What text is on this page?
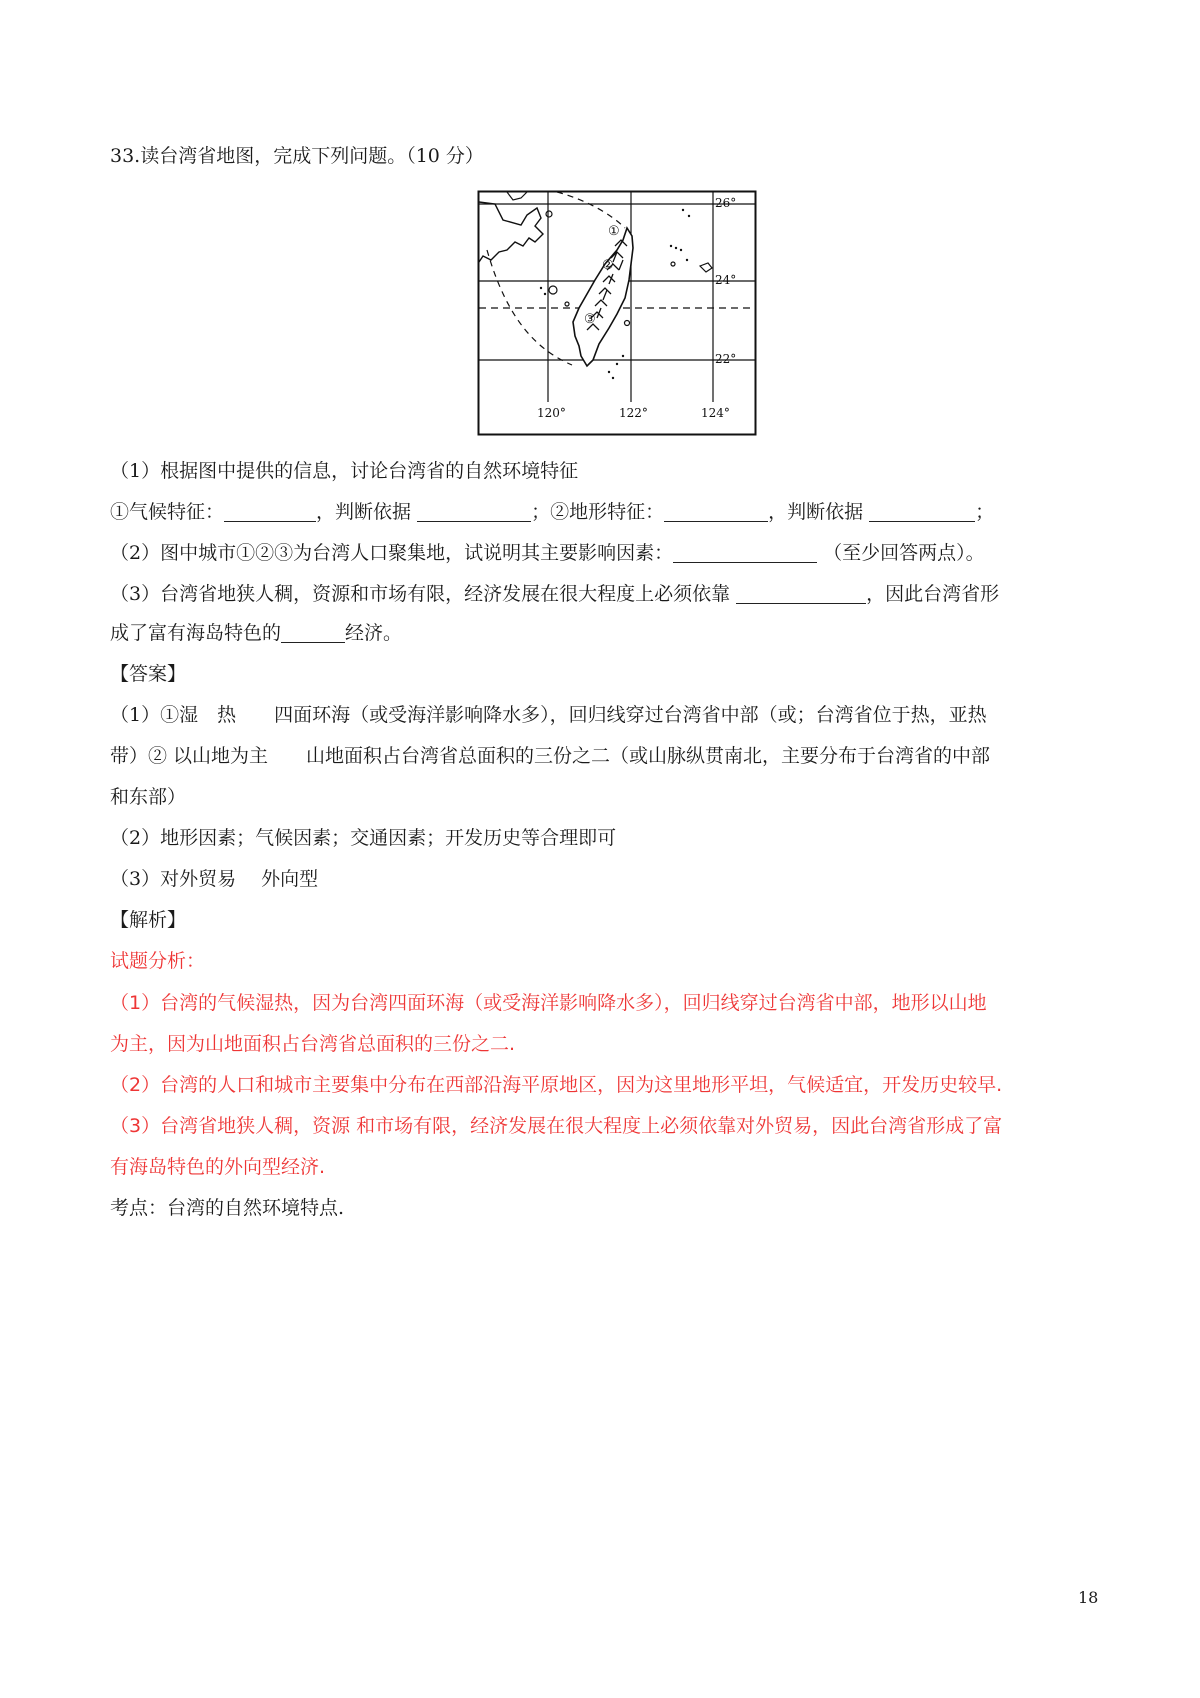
33.读台湾省地图，完成下列问题。（10 分）
①
②
③
26°
24°
22°
120°	122°	124°
（1）根据图中提供的信息，讨论台湾省的自然环境特征
①气候特征：	，判断依据	；②地形特征：	，判断依据	；
（2）图中城市①②③为台湾人口聚集地，试说明其主要影响因素：	（至少回答两点）。
（3）台湾省地狭人稠，资源和市场有限，经济发展在很大程度上必须依靠	，因此台湾省形
成了富有海岛特色的	经济。
【答案】
（1）①湿　热　　四面环海（或受海洋影响降水多），回归线穿过台湾省中部（或；台湾省位于热，亚热
带）② 以山地为主　　山地面积占台湾省总面积的三份之二（或山脉纵贯南北，主要分布于台湾省的中部
和东部）
（2）地形因素；气候因素；交通因素；开发历史等合理即可
（3）对外贸易　 外向型
【解析】
试题分析：
（1）台湾的气候湿热，因为台湾四面环海（或受海洋影响降水多），回归线穿过台湾省中部，地形以山地
为主，因为山地面积占台湾省总面积的三份之二.
（2）台湾的人口和城市主要集中分布在西部沿海平原地区，因为这里地形平坦，气候适宜，开发历史较早.
（3）台湾省地狭人稠，资源 和市场有限，经济发展在很大程度上必须依靠对外贸易，因此台湾省形成了富
有海岛特色的外向型经济.
考点：台湾的自然环境特点.
18
